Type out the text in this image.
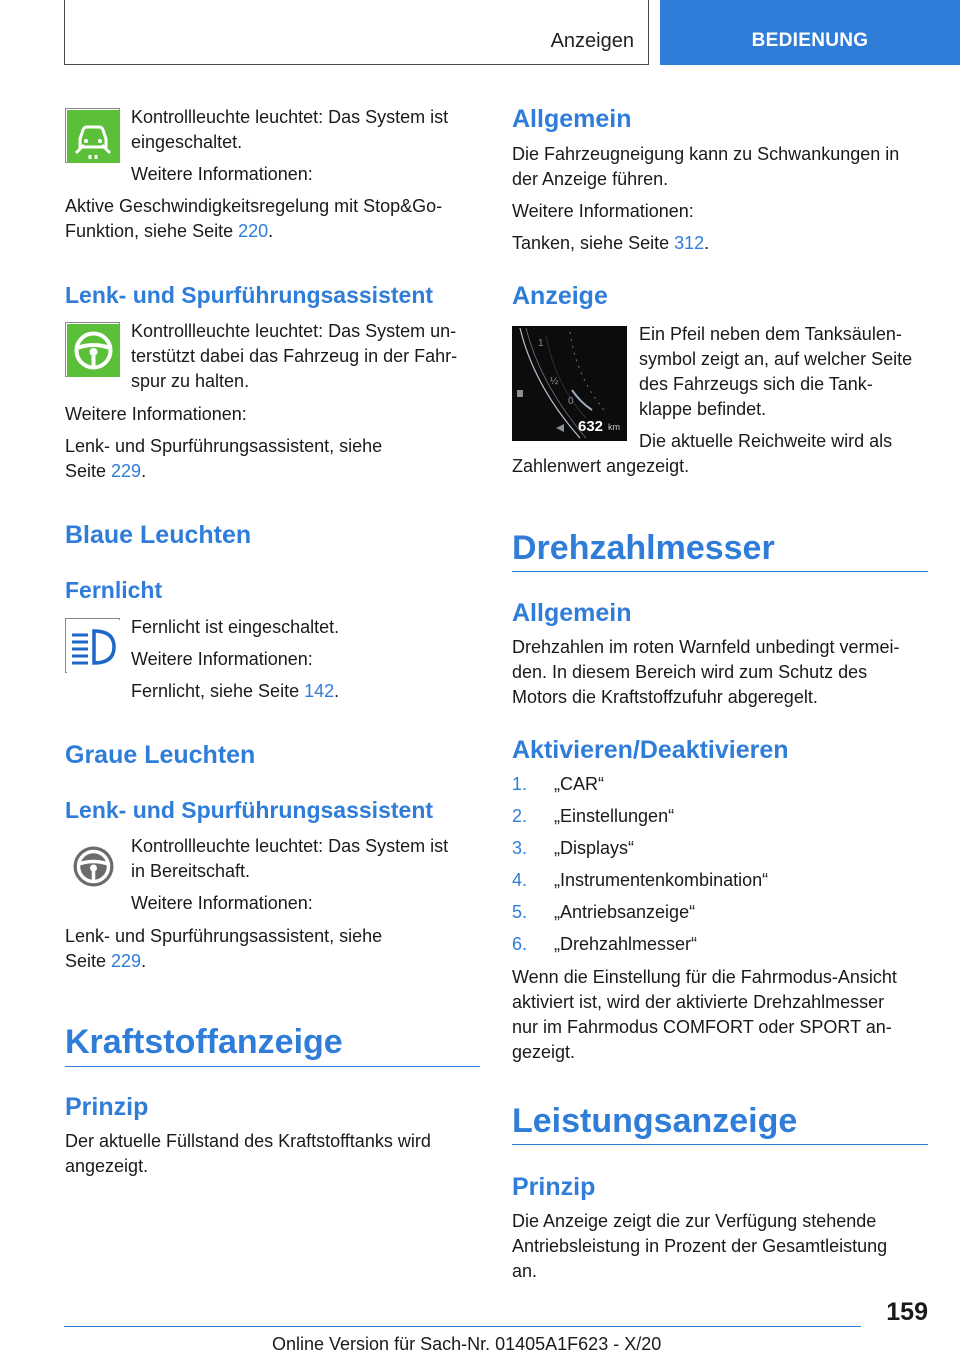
Anzeigen	BEDIENUNG

Kontrollleuchte leuchtet: Das System ist

eingeschaltet.

Weitere Informationen:

Aktive Geschwindigkeitsregelung mit Stop&Go-

Funktion, siehe Seite 220.

Lenk- und Spurführungsassistent

Kontrollleuchte leuchtet: Das System un-

terstützt dabei das Fahrzeug in der Fahr-

spur zu halten.

Weitere Informationen:

Lenk- und Spurführungsassistent, siehe

Seite 229.

Blaue Leuchten
Fernlicht

Fernlicht ist eingeschaltet.

Weitere Informationen:

Fernlicht, siehe Seite 142.

Graue Leuchten
Lenk- und Spurführungsassistent

Kontrollleuchte leuchtet: Das System ist

in Bereitschaft.

Weitere Informationen:

Lenk- und Spurführungsassistent, siehe

Seite 229.

Kraftstoffanzeige
Prinzip

Der aktuelle Füllstand des Kraftstofftanks wird

angezeigt.

Allgemein

Die Fahrzeugneigung kann zu Schwankungen in

der Anzeige führen.

Weitere Informationen:

Tanken, siehe Seite 312.

Anzeige
1
½
0
632 km

Ein Pfeil neben dem Tanksäulen-

symbol zeigt an, auf welcher Seite

des Fahrzeugs sich die Tank-

klappe befindet.

Die aktuelle Reichweite wird als

Zahlenwert angezeigt.

Drehzahlmesser
Allgemein

Drehzahlen im roten Warnfeld unbedingt vermei-

den. In diesem Bereich wird zum Schutz des

Motors die Kraftstoffzufuhr abgeregelt.

Aktivieren/Deaktivieren
1. „CAR“
2. „Einstellungen“
3. „Displays“
4. „Instrumentenkombination“
5. „Antriebsanzeige“
6. „Drehzahlmesser“

Wenn die Einstellung für die Fahrmodus-Ansicht

aktiviert ist, wird der aktivierte Drehzahlmesser

nur im Fahrmodus COMFORT oder SPORT an-

gezeigt.

Leistungsanzeige
Prinzip

Die Anzeige zeigt die zur Verfügung stehende

Antriebsleistung in Prozent der Gesamtleistung

an.

159
Online Version für Sach-Nr. 01405A1F623 - X/20
